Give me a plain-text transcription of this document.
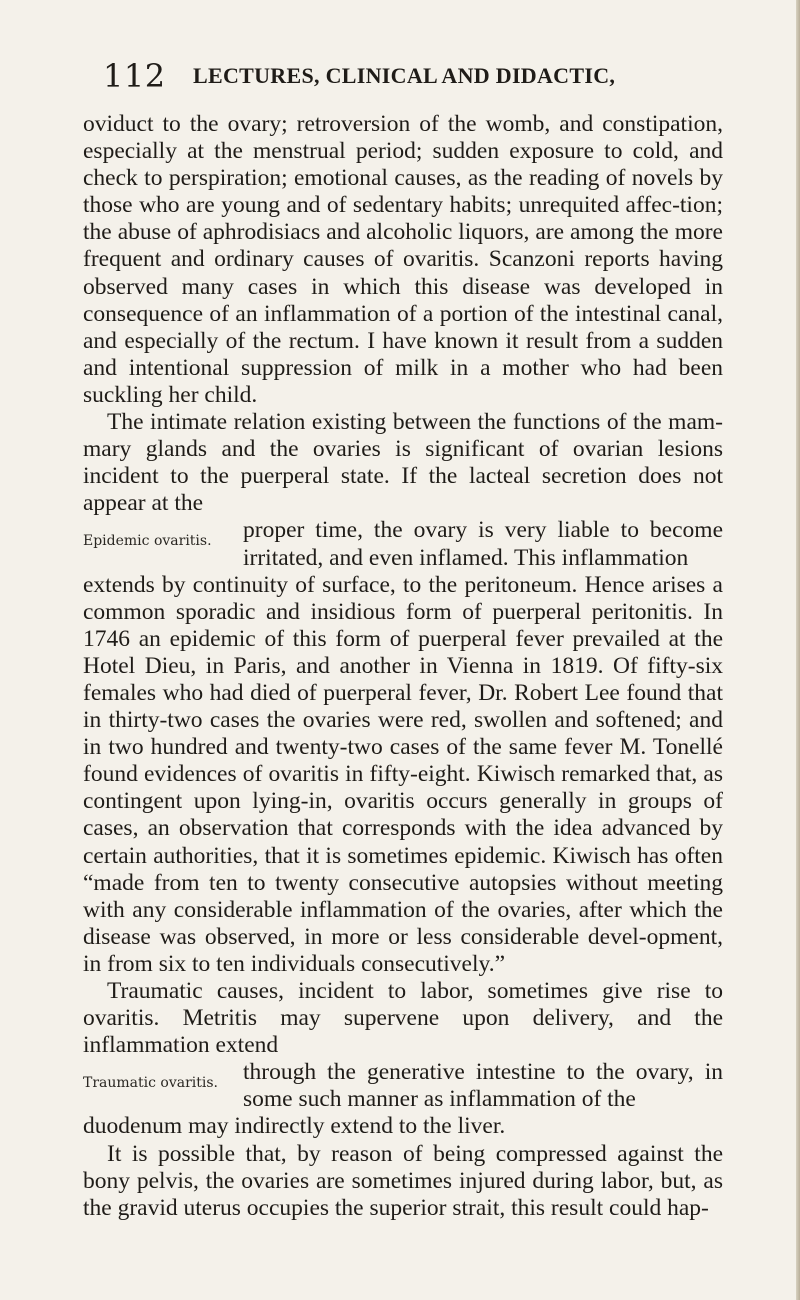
112 LECTURES, CLINICAL AND DIDACTIC,

oviduct to the ovary; retroversion of the womb, and constipation, especially at the menstrual period; sudden exposure to cold, and check to perspiration; emotional causes, as the reading of novels by those who are young and of sedentary habits; unrequited affec-tion; the abuse of aphrodisiacs and alcoholic liquors, are among the more frequent and ordinary causes of ovaritis. Scanzoni reports having observed many cases in which this disease was developed in consequence of an inflammation of a portion of the intestinal canal, and especially of the rectum. I have known it result from a sudden and intentional suppression of milk in a mother who had been suckling her child.

The intimate relation existing between the functions of the mam-mary glands and the ovaries is significant of ovarian lesions incident to the puerperal state. If the lacteal secretion does not appear at the

Epidemic ovaritis.	proper time, the ovary is very liable to become irritated, and even inflamed. This inflammation

extends by continuity of surface, to the peritoneum. Hence arises a common sporadic and insidious form of puerperal peritonitis. In 1746 an epidemic of this form of puerperal fever prevailed at the Hotel Dieu, in Paris, and another in Vienna in 1819. Of fifty-six females who had died of puerperal fever, Dr. Robert Lee found that in thirty-two cases the ovaries were red, swollen and softened; and in two hundred and twenty-two cases of the same fever M. Tonellé found evidences of ovaritis in fifty-eight. Kiwisch remarked that, as contingent upon lying-in, ovaritis occurs generally in groups of cases, an observation that corresponds with the idea advanced by certain authorities, that it is sometimes epidemic. Kiwisch has often “made from ten to twenty consecutive autopsies without meeting with any considerable inflammation of the ovaries, after which the disease was observed, in more or less considerable devel-opment, in from six to ten individuals consecutively.”

Traumatic causes, incident to labor, sometimes give rise to ovaritis. Metritis may supervene upon delivery, and the inflammation extend

Traumatic ovaritis.	through the generative intestine to the ovary, in some such manner as inflammation of the

duodenum may indirectly extend to the liver.

It is possible that, by reason of being compressed against the bony pelvis, the ovaries are sometimes injured during labor, but, as the gravid uterus occupies the superior strait, this result could hap-
